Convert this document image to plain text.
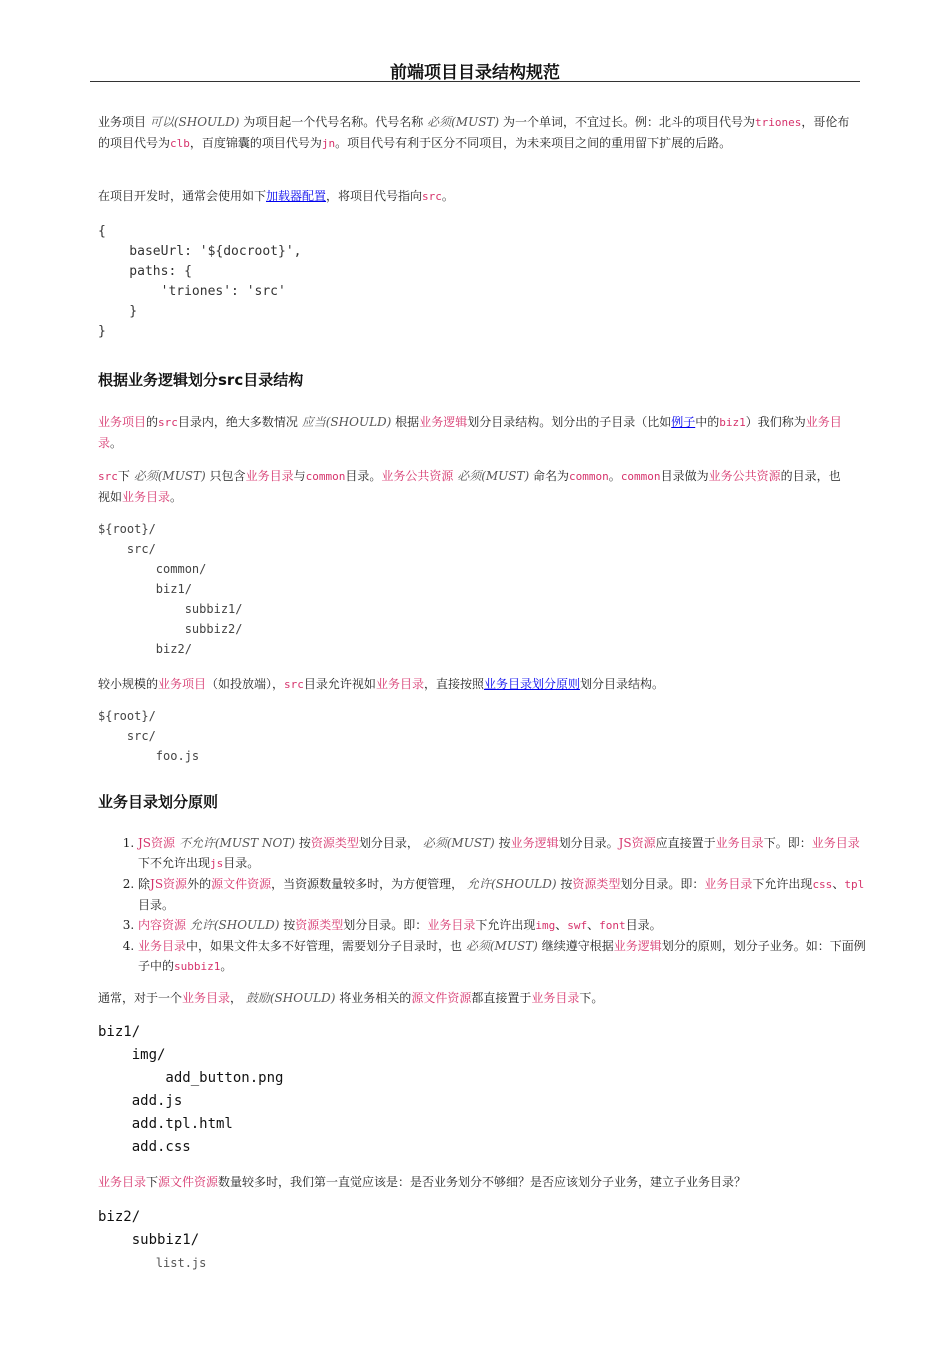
前端项目目录结构规范
业务项目 可以(SHOULD) 为项目起一个代号名称。代号名称 必须(MUST) 为一个单词，不宜过长。例：北斗的项目代号为triones，哥伦布的项目代号为clb，百度锦囊的项目代号为jn。项目代号有利于区分不同项目，为未来项目之间的重用留下扩展的后路。
在项目开发时，通常会使用如下加载器配置，将项目代号指向src。
{
baseUrl: '${docroot}',
paths: {
'triones': 'src'
}
}
根据业务逻辑划分src目录结构
业务项目的src目录内，绝大多数情况 应当(SHOULD) 根据业务逻辑划分目录结构。划分出的子目录（比如例子中的biz1）我们称为业务目录。
src下 必须(MUST) 只包含业务目录与common目录。业务公共资源 必须(MUST) 命名为common。common目录做为业务公共资源的目录，也视如业务目录。
${root}/
src/
common/
biz1/
subbiz1/
subbiz2/
biz2/
较小规模的业务项目（如投放端），src目录允许视如业务目录，直接按照业务目录划分原则划分目录结构。
${root}/
src/
foo.js
业务目录划分原则
1. JS资源 不允许(MUST NOT) 按资源类型划分目录， 必须(MUST) 按业务逻辑划分目录。JS资源应直接置于业务目录下。即：业务目录下不允许出现js目录。
2. 除JS资源外的源文件资源，当资源数量较多时，为方便管理， 允许(SHOULD) 按资源类型划分目录。即：业务目录下允许出现css、tpl目录。
3. 内容资源 允许(SHOULD) 按资源类型划分目录。即：业务目录下允许出现img、swf、font目录。
4. 业务目录中，如果文件太多不好管理，需要划分子目录时，也 必须(MUST) 继续遵守根据业务逻辑划分的原则，划分子业务。如：下面例子中的subbiz1。
通常，对于一个业务目录， 鼓励(SHOULD) 将业务相关的源文件资源都直接置于业务目录下。
biz1/
img/
add_button.png
add.js
add.tpl.html
add.css
业务目录下源文件资源数量较多时，我们第一直觉应该是：是否业务划分不够细？是否应该划分子业务，建立子业务目录？
biz2/
subbiz1/
list.js
